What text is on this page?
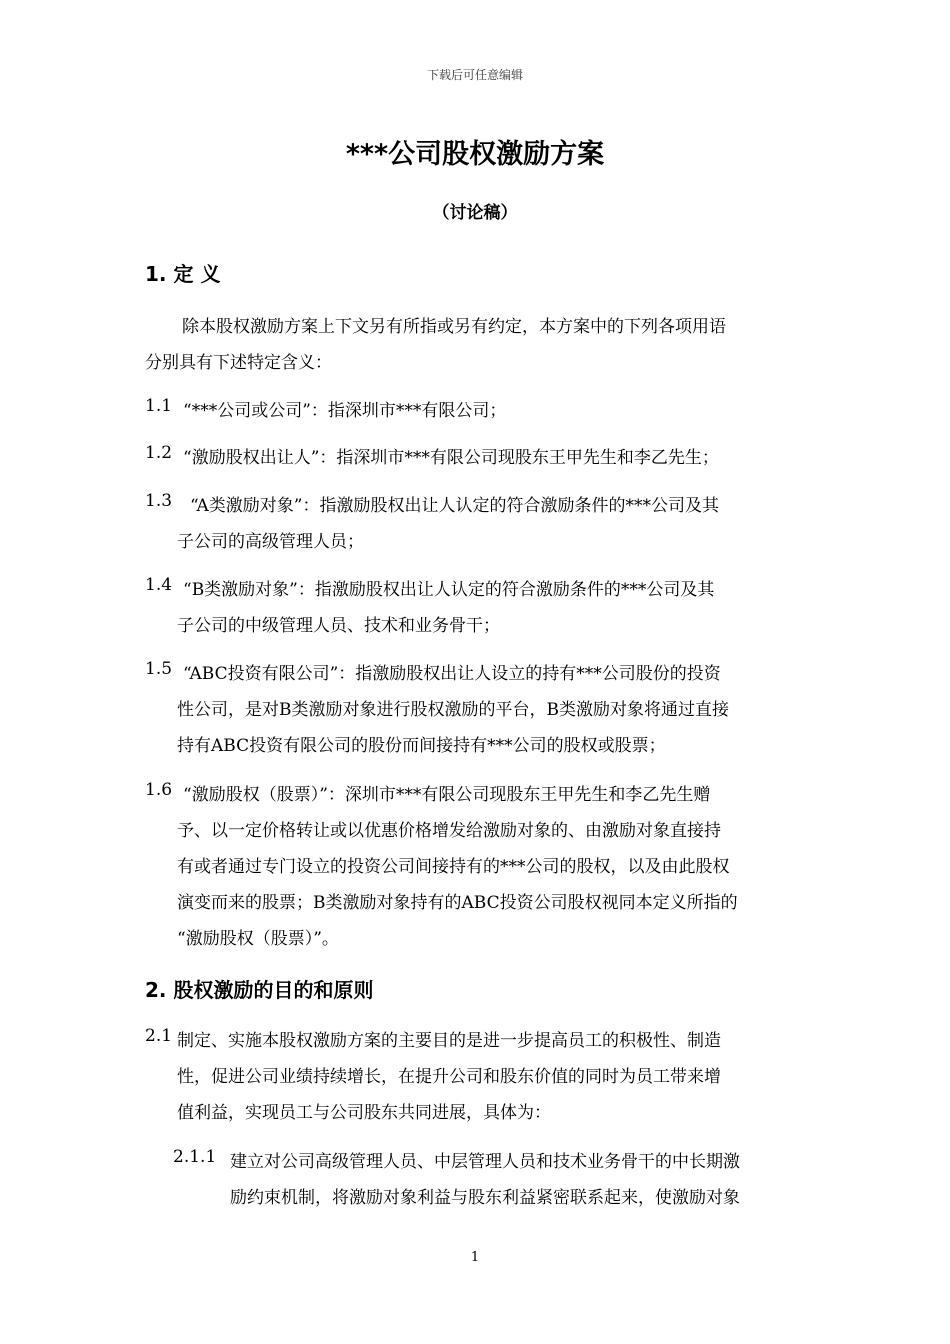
下载后可任意编辑
***公司股权激励方案
（讨论稿）
1. 定 义
除本股权激励方案上下文另有所指或另有约定，本方案中的下列各项用语
分别具有下述特定含义：
1.1 “***公司或公司”：指深圳市***有限公司；
1.2 “激励股权出让人”：指深圳市***有限公司现股东王甲先生和李乙先生；
1.3 “A类激励对象”：指激励股权出让人认定的符合激励条件的***公司及其
子公司的高级管理人员；
1.4 “B类激励对象”：指激励股权出让人认定的符合激励条件的***公司及其
子公司的中级管理人员、技术和业务骨干；
1.5 “ABC投资有限公司”：指激励股权出让人设立的持有***公司股份的投资
性公司，是对B类激励对象进行股权激励的平台，B类激励对象将通过直接
持有ABC投资有限公司的股份而间接持有***公司的股权或股票；
1.6 “激励股权（股票）”：深圳市***有限公司现股东王甲先生和李乙先生赠
予、以一定价格转让或以优惠价格增发给激励对象的、由激励对象直接持
有或者通过专门设立的投资公司间接持有的***公司的股权，以及由此股权
演变而来的股票；B类激励对象持有的ABC投资公司股权视同本定义所指的
“激励股权（股票）”。
2. 股权激励的目的和原则
2.1 制定、实施本股权激励方案的主要目的是进一步提高员工的积极性、制造
性，促进公司业绩持续增长，在提升公司和股东价值的同时为员工带来增
值利益，实现员工与公司股东共同进展，具体为：
2.1.1 建立对公司高级管理人员、中层管理人员和技术业务骨干的中长期激
励约束机制，将激励对象利益与股东利益紧密联系起来，使激励对象
1
